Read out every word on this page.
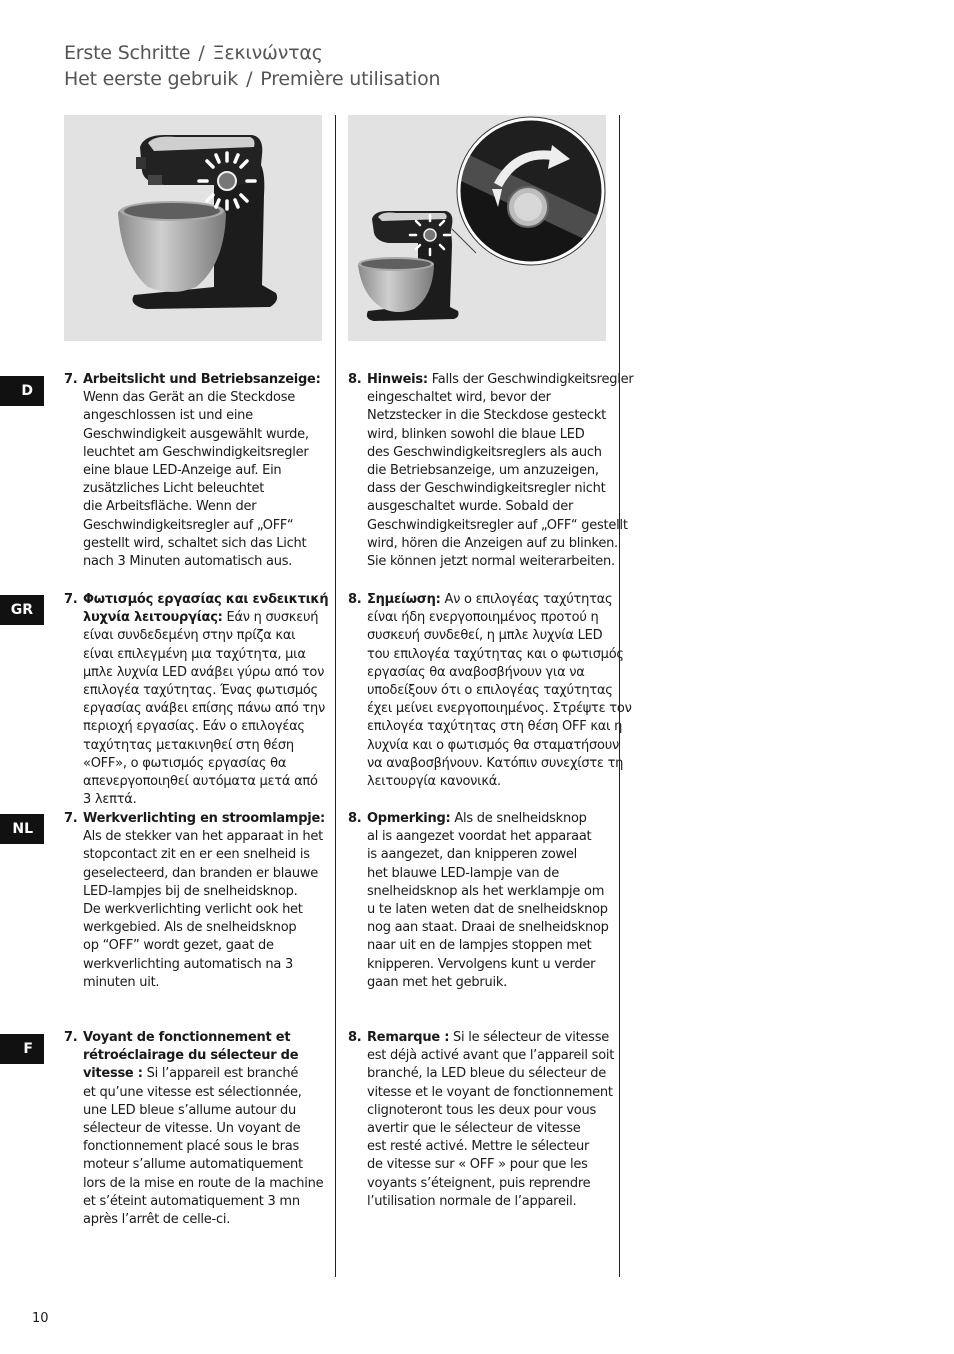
Erste Schritte / Ξεκινώντας
Het eerste gebruik / Première utilisation
D
GR
NL
F
7. Arbeitslicht und Betriebsanzeige:
Wenn das Gerät an die Steckdose
angeschlossen ist und eine
Geschwindigkeit ausgewählt wurde,
leuchtet am Geschwindigkeitsregler
eine blaue LED-Anzeige auf. Ein
zusätzliches Licht beleuchtet
die Arbeitsfläche. Wenn der
Geschwindigkeitsregler auf „OFF“
gestellt wird, schaltet sich das Licht
nach 3 Minuten automatisch aus.
8. Hinweis: Falls der Geschwindigkeitsregler
eingeschaltet wird, bevor der
Netzstecker in die Steckdose gesteckt
wird, blinken sowohl die blaue LED
des Geschwindigkeitsreglers als auch
die Betriebsanzeige, um anzuzeigen,
dass der Geschwindigkeitsregler nicht
ausgeschaltet wurde. Sobald der
Geschwindigkeitsregler auf „OFF“ gestellt
wird, hören die Anzeigen auf zu blinken.
Sie können jetzt normal weiterarbeiten.
7. Φωτισμός εργασίας και ενδεικτική
λυχνία λειτουργίας: Εάν η συσκευή
είναι συνδεδεμένη στην πρίζα και
είναι επιλεγμένη μια ταχύτητα, μια
μπλε λυχνία LED ανάβει γύρω από τον
επιλογέα ταχύτητας. Ένας φωτισμός
εργασίας ανάβει επίσης πάνω από την
περιοχή εργασίας. Εάν ο επιλογέας
ταχύτητας μετακινηθεί στη θέση
«OFF», ο φωτισμός εργασίας θα
απενεργοποιηθεί αυτόματα μετά από
3 λεπτά.
8. Σημείωση: Αν ο επιλογέας ταχύτητας
είναι ήδη ενεργοποιημένος προτού η
συσκευή συνδεθεί, η μπλε λυχνία LED
του επιλογέα ταχύτητας και ο φωτισμός
εργασίας θα αναβοσβήνουν για να
υποδείξουν ότι ο επιλογέας ταχύτητας
έχει μείνει ενεργοποιημένος. Στρέψτε τον
επιλογέα ταχύτητας στη θέση OFF και η
λυχνία και ο φωτισμός θα σταματήσουν
να αναβοσβήνουν. Κατόπιν συνεχίστε τη
λειτουργία κανονικά.
7. Werkverlichting en stroomlampje:
Als de stekker van het apparaat in het
stopcontact zit en er een snelheid is
geselecteerd, dan branden er blauwe
LED-lampjes bij de snelheidsknop.
De werkverlichting verlicht ook het
werkgebied. Als de snelheidsknop
op “OFF” wordt gezet, gaat de
werkverlichting automatisch na 3
minuten uit.
8. Opmerking: Als de snelheidsknop
al is aangezet voordat het apparaat
is aangezet, dan knipperen zowel
het blauwe LED-lampje van de
snelheidsknop als het werklampje om
u te laten weten dat de snelheidsknop
nog aan staat. Draai de snelheidsknop
naar uit en de lampjes stoppen met
knipperen. Vervolgens kunt u verder
gaan met het gebruik.
7. Voyant de fonctionnement et
rétroéclairage du sélecteur de
vitesse : Si l’appareil est branché
et qu’une vitesse est sélectionnée,
une LED bleue s’allume autour du
sélecteur de vitesse. Un voyant de
fonctionnement placé sous le bras
moteur s’allume automatiquement
lors de la mise en route de la machine
et s’éteint automatiquement 3 mn
après l’arrêt de celle-ci.
8. Remarque : Si le sélecteur de vitesse
est déjà activé avant que l’appareil soit
branché, la LED bleue du sélecteur de
vitesse et le voyant de fonctionnement
clignoteront tous les deux pour vous
avertir que le sélecteur de vitesse
est resté activé. Mettre le sélecteur
de vitesse sur « OFF » pour que les
voyants s’éteignent, puis reprendre
l’utilisation normale de l’appareil.
10
